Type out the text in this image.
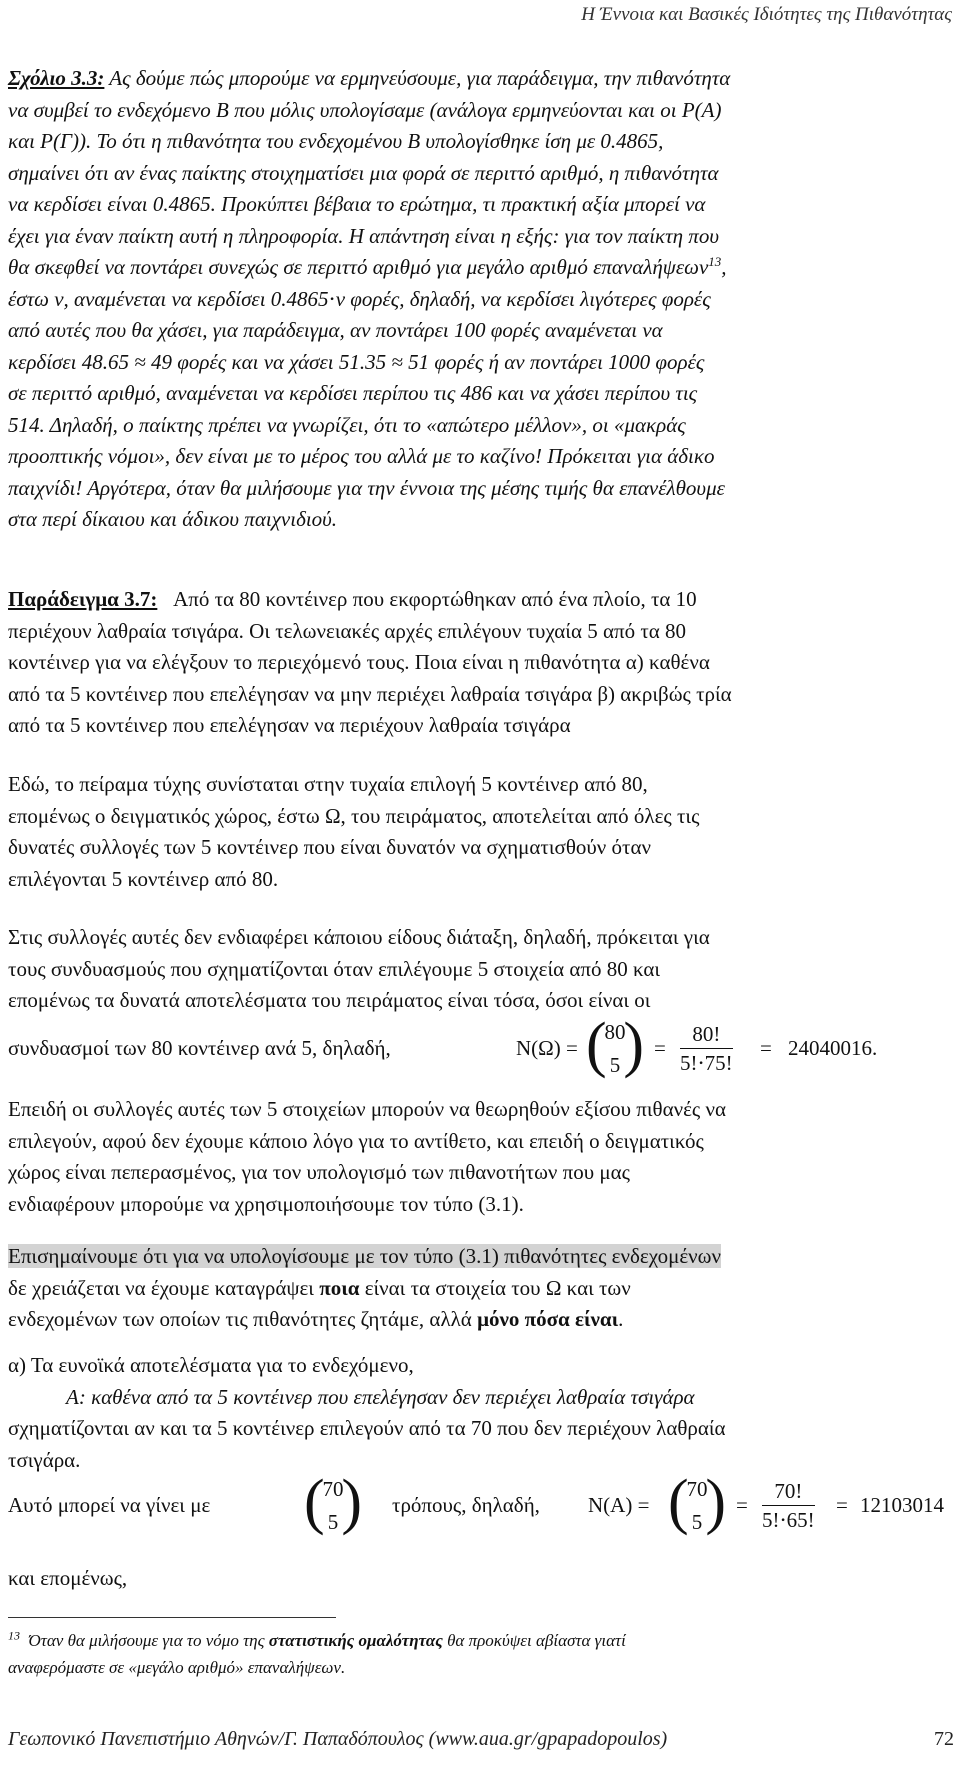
Η Έννοια και Βασικές Ιδιότητες της Πιθανότητας
Σχόλιο 3.3: Ας δούμε πώς μπορούμε να ερμηνεύσουμε, για παράδειγμα, την πιθανότητα
να συμβεί το ενδεχόμενο B που μόλις υπολογίσαμε (ανάλογα ερμηνεύονται και οι P(A)
και P(Γ)). Το ότι η πιθανότητα του ενδεχομένου B υπολογίσθηκε ίση με 0.4865,
σημαίνει ότι αν ένας παίκτης στοιχηματίσει μια φορά σε περιττό αριθμό, η πιθανότητα
να κερδίσει είναι 0.4865. Προκύπτει βέβαια το ερώτημα, τι πρακτική αξία μπορεί να
έχει για έναν παίκτη αυτή η πληροφορία. Η απάντηση είναι η εξής: για τον παίκτη που
θα σκεφθεί να ποντάρει συνεχώς σε περιττό αριθμό για μεγάλο αριθμό επαναλήψεων$^{13}$,
έστω ν, αναμένεται να κερδίσει 0.4865⋅ν φορές, δηλαδή, να κερδίσει λιγότερες φορές
από αυτές που θα χάσει, για παράδειγμα, αν ποντάρει 100 φορές αναμένεται να
κερδίσει 48.65 ≈ 49 φορές και να χάσει 51.35 ≈ 51 φορές ή αν ποντάρει 1000 φορές
σε περιττό αριθμό, αναμένεται να κερδίσει περίπου τις 486 και να χάσει περίπου τις
514. Δηλαδή, ο παίκτης πρέπει να γνωρίζει, ότι το «απώτερο μέλλον», οι «μακράς
προοπτικής νόμοι», δεν είναι με το μέρος του αλλά με το καζίνο! Πρόκειται για άδικο
παιχνίδι! Αργότερα, όταν θα μιλήσουμε για την έννοια της μέσης τιμής θα επανέλθουμε
στα περί δίκαιου και άδικου παιχνιδιού.
Παράδειγμα 3.7: Από τα 80 κοντέινερ που εκφορτώθηκαν από ένα πλοίο, τα 10
περιέχουν λαθραία τσιγάρα. Οι τελωνειακές αρχές επιλέγουν τυχαία 5 από τα 80
κοντέινερ για να ελέγξουν το περιεχόμενό τους. Ποια είναι η πιθανότητα α) καθένα
από τα 5 κοντέινερ που επελέγησαν να μην περιέχει λαθραία τσιγάρα β) ακριβώς τρία
από τα 5 κοντέινερ που επελέγησαν να περιέχουν λαθραία τσιγάρα
Εδώ, το πείραμα τύχης συνίσταται στην τυχαία επιλογή 5 κοντέινερ από 80,
επομένως ο δειγματικός χώρος, έστω Ω, του πειράματος, αποτελείται από όλες τις
δυνατές συλλογές των 5 κοντέινερ που είναι δυνατόν να σχηματισθούν όταν
επιλέγονται 5 κοντέινερ από 80.
Στις συλλογές αυτές δεν ενδιαφέρει κάποιου είδους διάταξη, δηλαδή, πρόκειται για
τους συνδυασμούς που σχηματίζονται όταν επιλέγουμε 5 στοιχεία από 80 και
επομένως τα δυνατά αποτελέσματα του πειράματος είναι τόσα, όσοι είναι οι
συνδυασμοί των 80 κοντέινερ ανά 5, δηλαδή,	N(Ω) = (
80
5 ) = $\frac{80!}{5!\cdot 75!} = 24040016$.
Επειδή οι συλλογές αυτές των 5 στοιχείων μπορούν να θεωρηθούν εξίσου πιθανές να
επιλεγούν, αφού δεν έχουμε κάποιο λόγο για το αντίθετο, και επειδή ο δειγματικός
χώρος είναι πεπερασμένος, για τον υπολογισμό των πιθανοτήτων που μας
ενδιαφέρουν μπορούμε να χρησιμοποιήσουμε τον τύπο (3.1).
Επισημαίνουμε ότι για να υπολογίσουμε με τον τύπο (3.1) πιθανότητες ενδεχομένων
δε χρειάζεται να έχουμε καταγράψει ποια είναι τα στοιχεία του Ω και των
ενδεχομένων των οποίων τις πιθανότητες ζητάμε, αλλά μόνο πόσα είναι.
α) Τα ευνοϊκά αποτελέσματα για το ενδεχόμενο,
A: καθένα από τα 5 κοντέινερ που επελέγησαν δεν περιέχει λαθραία τσιγάρα
σχηματίζονται αν και τα 5 κοντέινερ επιλεγούν από τα 70 που δεν περιέχουν λαθραία
τσιγάρα.
Αυτό μπορεί να γίνει με (
70
5 ) τρόπους, δηλαδή, N(A) = (
70
5 ) = $\frac{70!}{5!\cdot 65!} = 12103014$
και επομένως,
$^{13}$ Όταν θα μιλήσουμε για το νόμο της στατιστικής ομαλότητας θα προκύψει αβίαστα γιατί
αναφερόμαστε σε «μεγάλο αριθμό» επαναλήψεων.
Γεωπονικό Πανεπιστήμιο Αθηνών/Γ. Παπαδόπουλος (www.aua.gr/gpapadopoulos)	72
